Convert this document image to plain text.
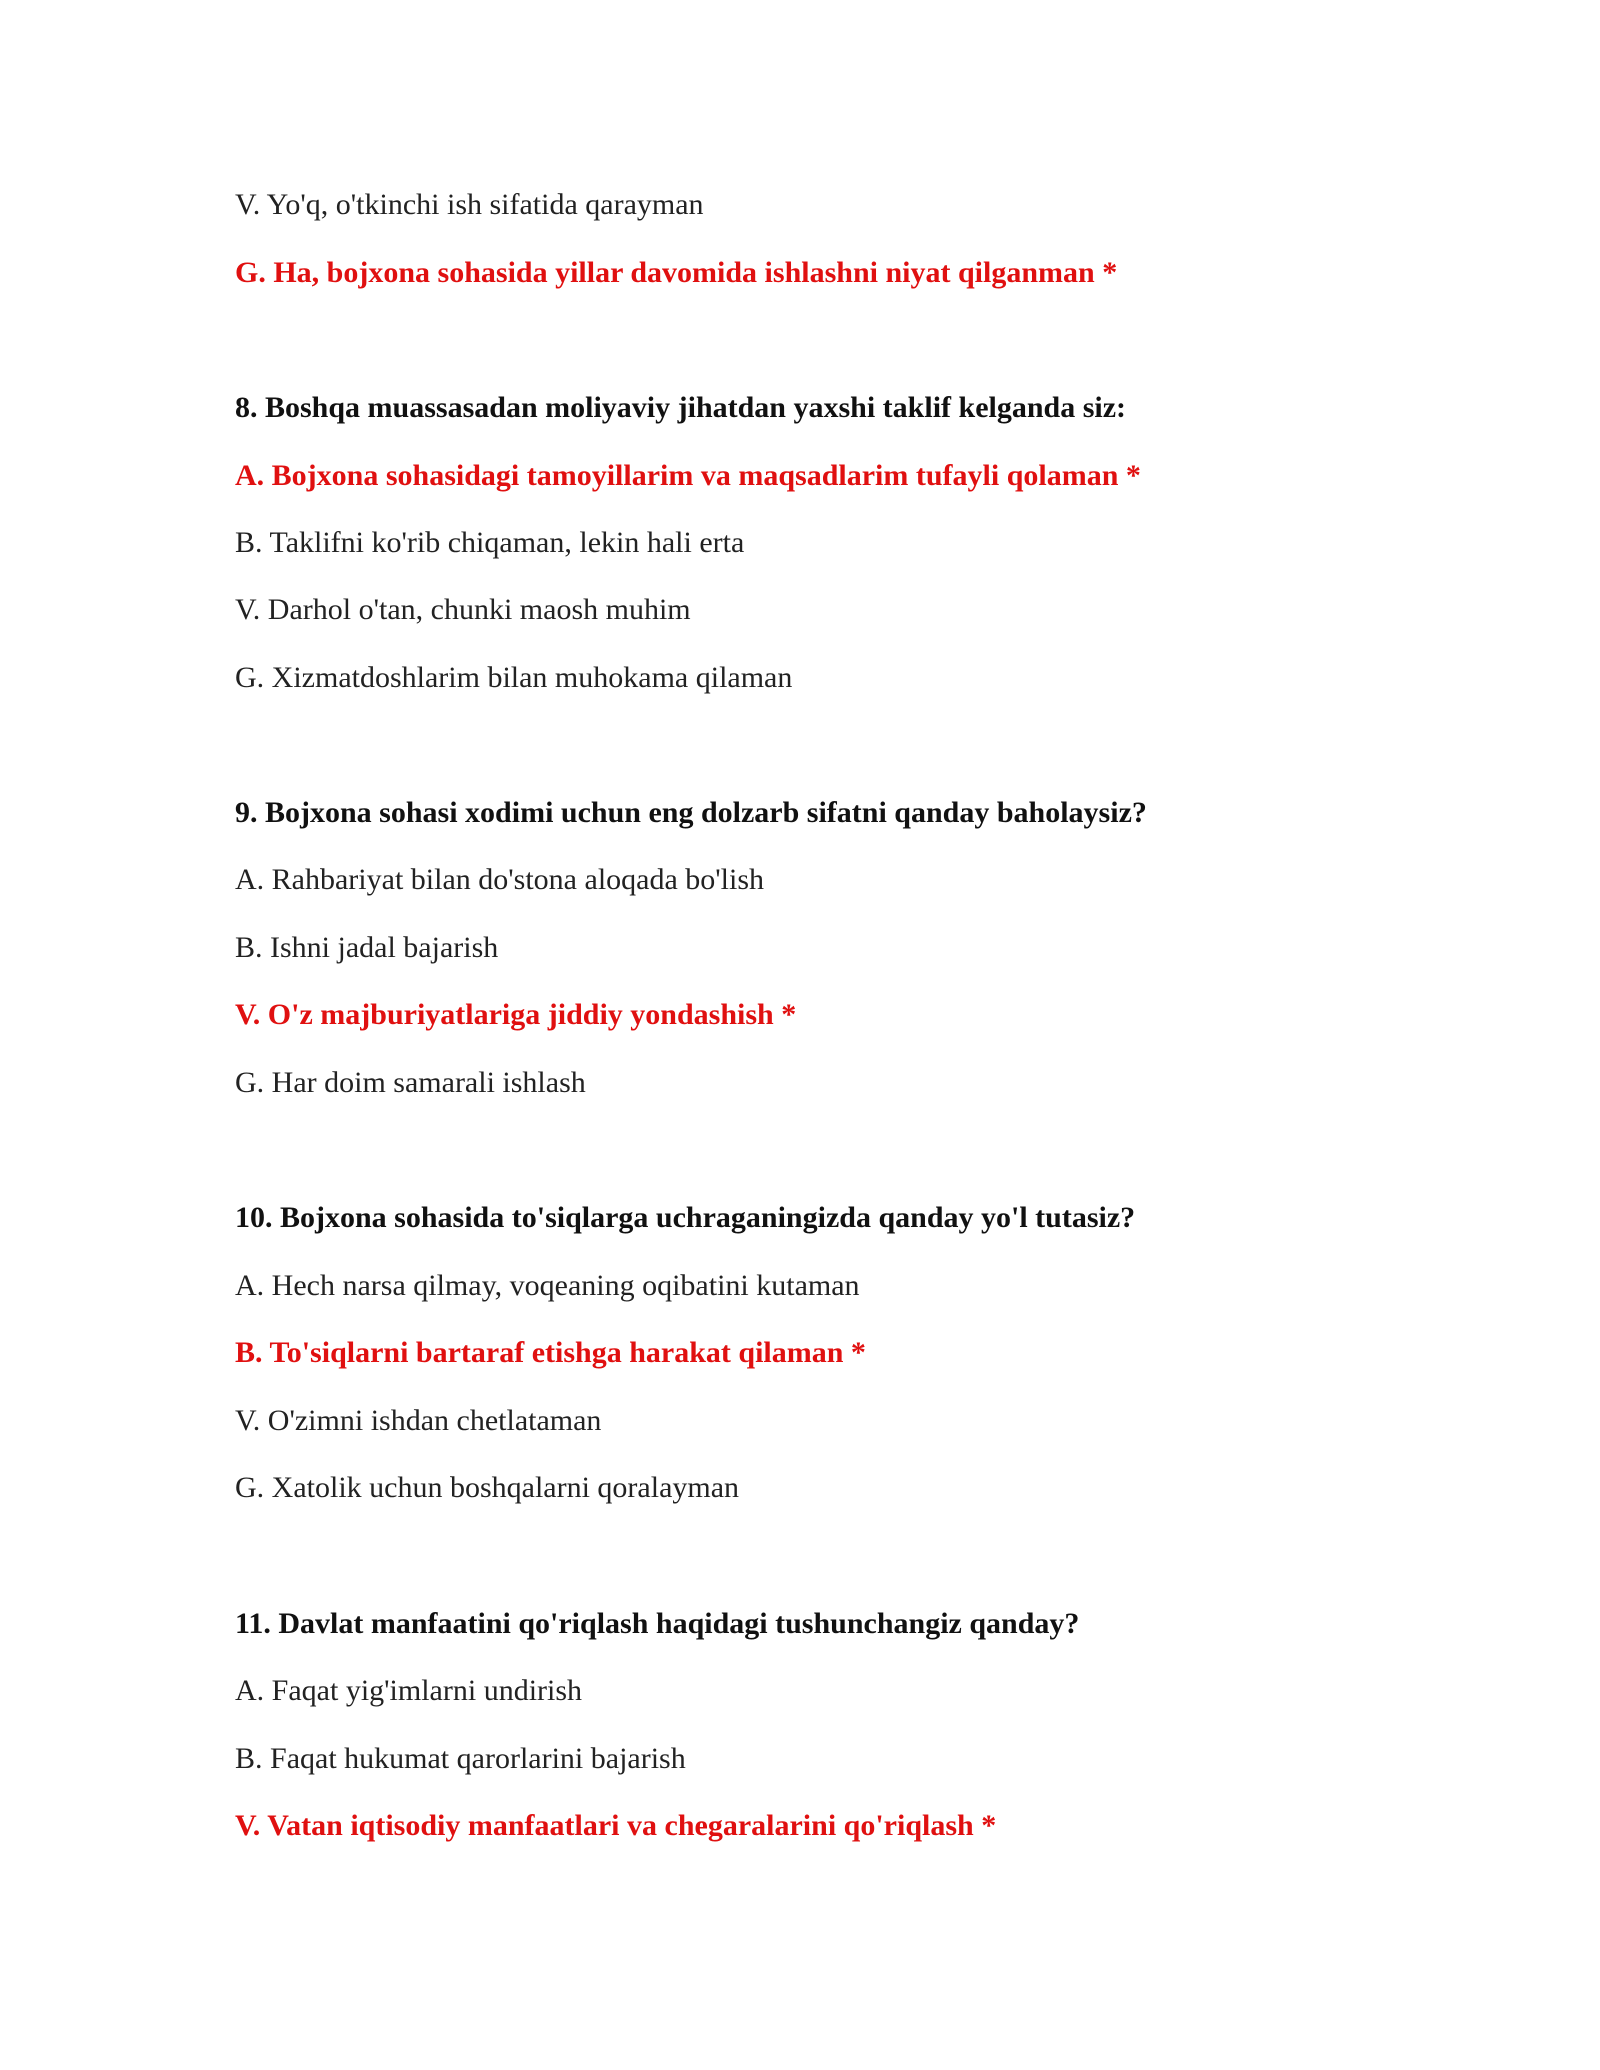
V. Yo'q, o'tkinchi ish sifatida qarayman
G. Ha, bojxona sohasida yillar davomida ishlashni niyat qilganman *
8. Boshqa muassasadan moliyaviy jihatdan yaxshi taklif kelganda siz:
A. Bojxona sohasidagi tamoyillarim va maqsadlarim tufayli qolaman *
B. Taklifni ko'rib chiqaman, lekin hali erta
V. Darhol o'tan, chunki maosh muhim
G. Xizmatdoshlarim bilan muhokama qilaman
9. Bojxona sohasi xodimi uchun eng dolzarb sifatni qanday baholaysiz?
A. Rahbariyat bilan do'stona aloqada bo'lish
B. Ishni jadal bajarish
V. O'z majburiyatlariga jiddiy yondashish *
G. Har doim samarali ishlash
10. Bojxona sohasida to'siqlarga uchraganingizda qanday yo'l tutasiz?
A. Hech narsa qilmay, voqeaning oqibatini kutaman
B. To'siqlarni bartaraf etishga harakat qilaman *
V. O'zimni ishdan chetlataman
G. Xatolik uchun boshqalarni qoralayman
11. Davlat manfaatini qo'riqlash haqidagi tushunchangiz qanday?
A. Faqat yig'imlarni undirish
B. Faqat hukumat qarorlarini bajarish
V. Vatan iqtisodiy manfaatlari va chegaralarini qo'riqlash *
